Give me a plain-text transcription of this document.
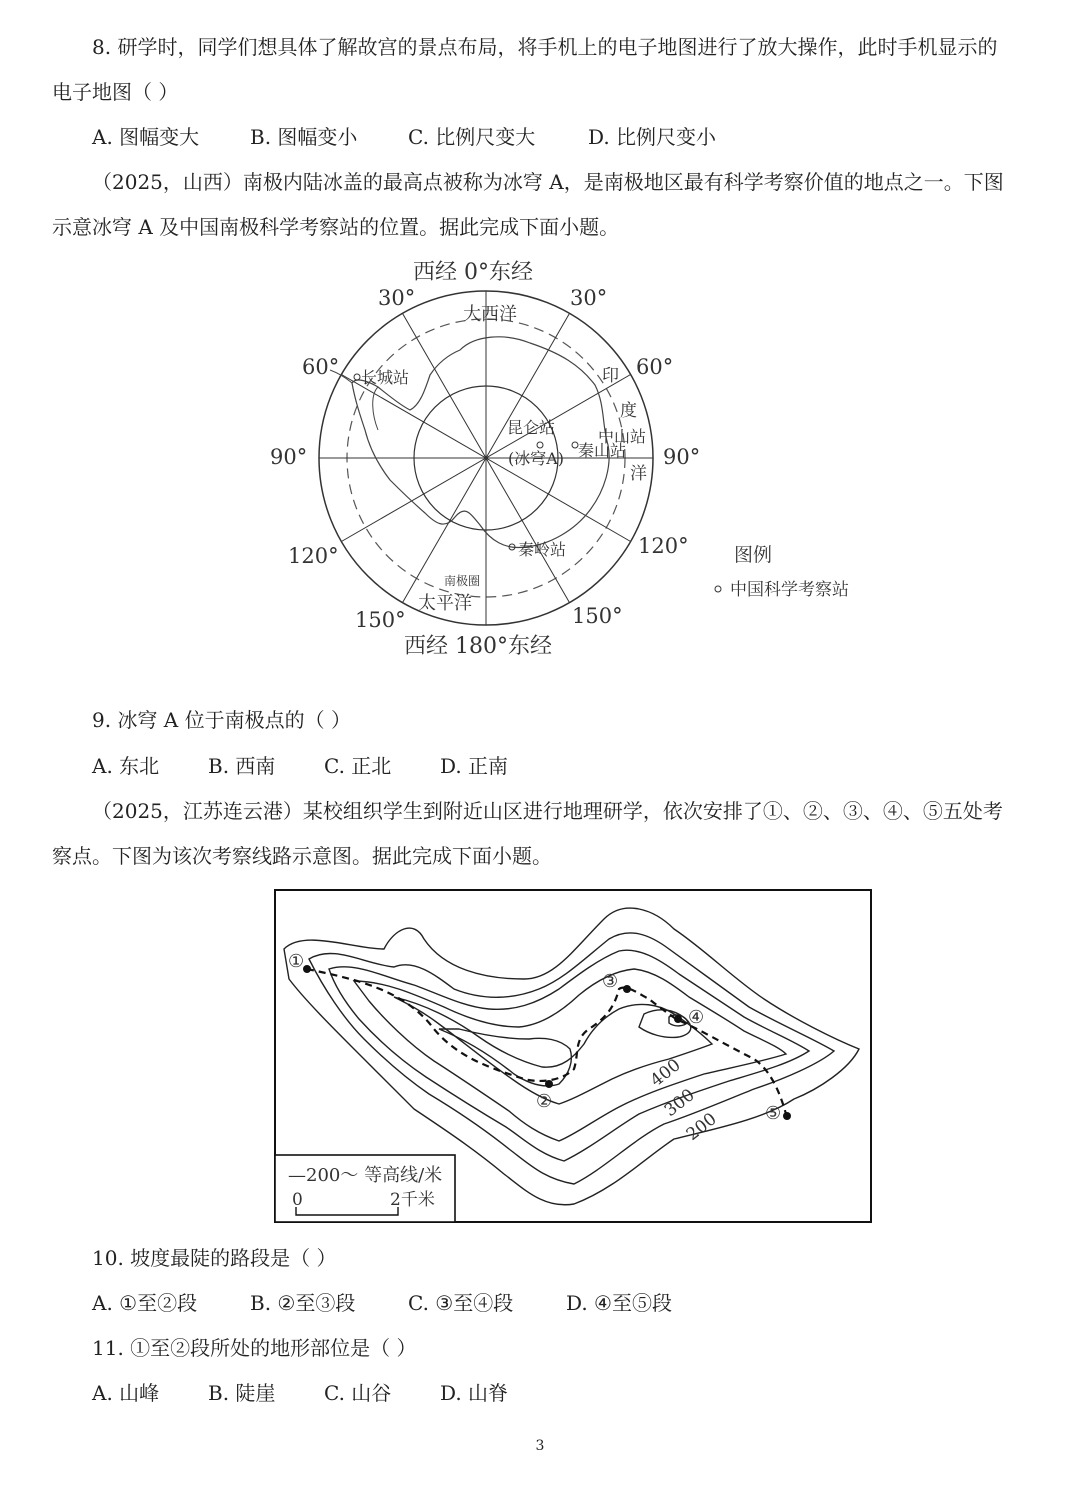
8. 研学时，同学们想具体了解故宫的景点布局，将手机上的电子地图进行了放大操作，此时手机显示的
电子地图（ ）
A. 图幅变大	B. 图幅变小	C. 比例尺变大	D. 比例尺变小
（2025，山西）南极内陆冰盖的最高点被称为冰穹 A，是南极地区最有科学考察价值的地点之一。下图
示意冰穹 A 及中国南极科学考察站的位置。据此完成下面小题。
西经 0°东经
西经 180°东经
30°	30°
60°	60°
90°	90°
120°	120°
150°	150°
大西洋
印
度
洋
太平洋
南极圈
长城站
昆仑站
(冰穹A)
中山站
秦山站
秦岭站	图例
中国科学考察站
9. 冰穹 A 位于南极点的（ ）
A. 东北 B. 西南 C. 正北 D. 正南
（2025，江苏连云港）某校组织学生到附近山区进行地理研学，依次安排了①、②、③、④、⑤五处考
察点。下图为该次考察线路示意图。据此完成下面小题。
①
②
③
④
⑤
400
300
200
—200～ 等高线/米
0	2千米
10. 坡度最陡的路段是（ ）
A. ①至②段	B. ②至③段	C. ③至④段	D. ④至⑤段
11. ①至②段所处的地形部位是（ ）
A. 山峰 B. 陡崖 C. 山谷 D. 山脊
3
